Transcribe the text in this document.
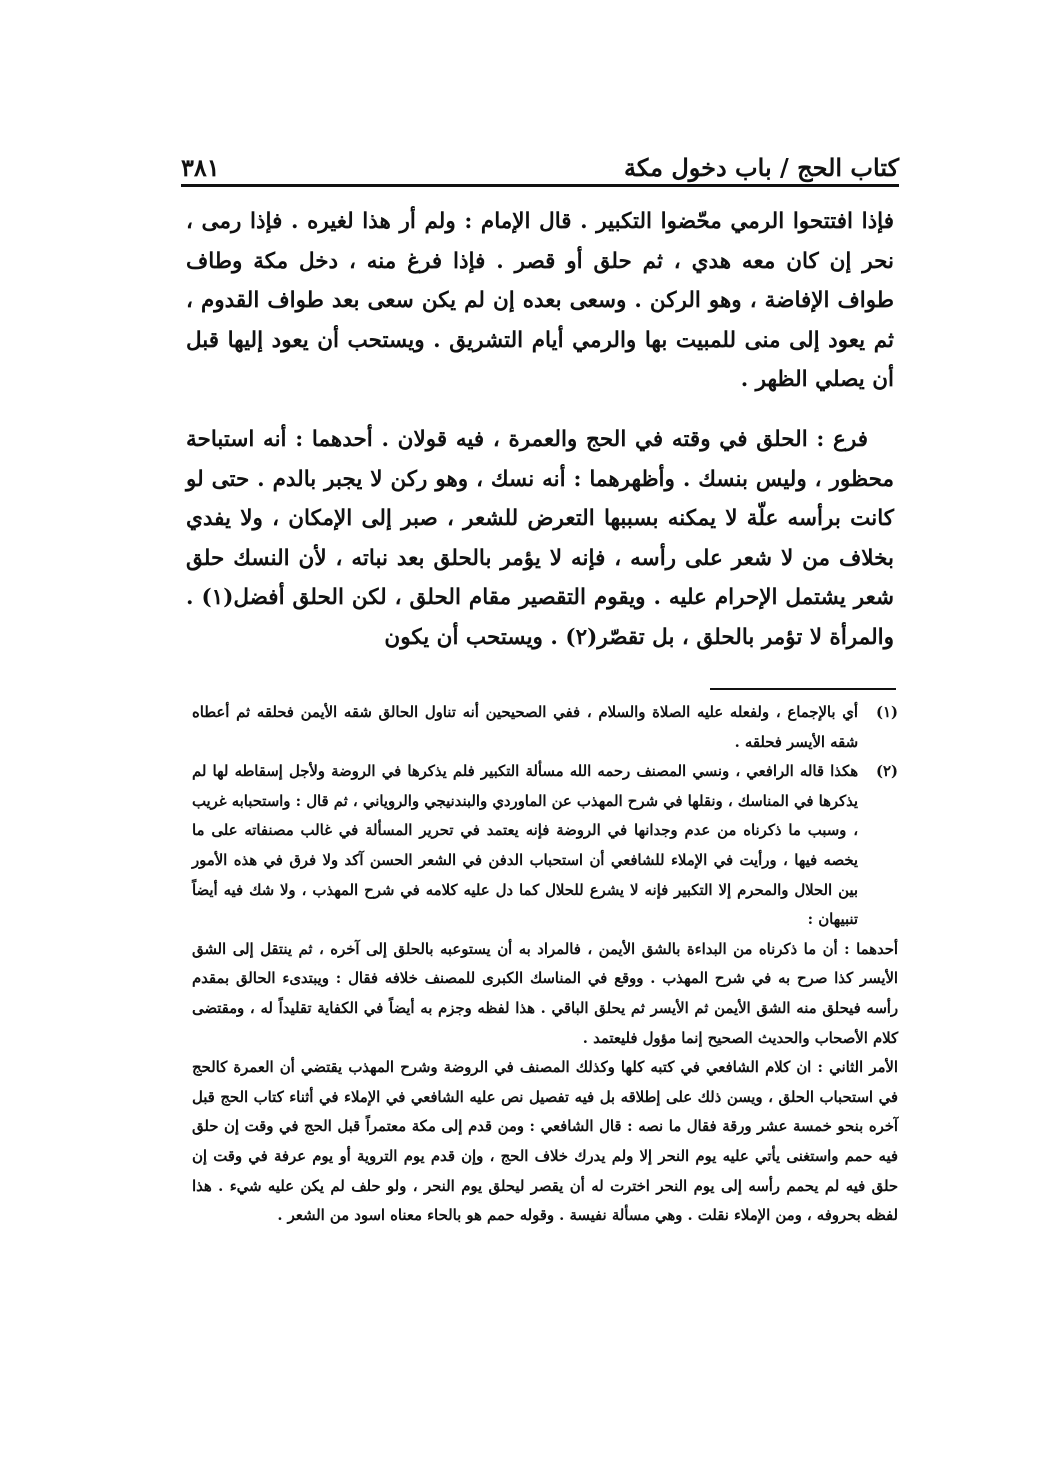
كتاب الحج / باب دخول مكة
٣٨١

فإذا افتتحوا الرمي محّضوا التكبير . قال الإمام : ولم أر هذا لغيره . فإذا رمى ، نحر إن كان معه هدي ، ثم حلق أو قصر . فإذا فرغ منه ، دخل مكة وطاف طواف الإفاضة ، وهو الركن . وسعى بعده إن لم يكن سعى بعد طواف القدوم ، ثم يعود إلى منى للمبيت بها والرمي أيام التشريق . ويستحب أن يعود إليها قبل أن يصلي الظهر .

فرع : الحلق في وقته في الحج والعمرة ، فيه قولان . أحدهما : أنه استباحة محظور ، وليس بنسك . وأظهرهما : أنه نسك ، وهو ركن لا يجبر بالدم . حتى لو كانت برأسه علّة لا يمكنه بسببها التعرض للشعر ، صبر إلى الإمكان ، ولا يفدي بخلاف من لا شعر على رأسه ، فإنه لا يؤمر بالحلق بعد نباته ، لأن النسك حلق شعر يشتمل الإحرام عليه . ويقوم التقصير مقام الحلق ، لكن الحلق أفضل(١) . والمرأة لا تؤمر بالحلق ، بل تقصّر(٢) . ويستحب أن يكون

(١)
أي بالإجماع ، ولفعله عليه الصلاة والسلام ، ففي الصحيحين أنه تناول الحالق شقه الأيمن فحلقه ثم أعطاه شقه الأيسر فحلقه .
(٢)
هكذا قاله الرافعي ، ونسي المصنف رحمه الله مسألة التكبير فلم يذكرها في الروضة ولأجل إسقاطه لها لم يذكرها في المناسك ، ونقلها في شرح المهذب عن الماوردي والبندنيجي والروياني ، ثم قال : واستحبابه غريب ، وسبب ما ذكرناه من عدم وجدانها في الروضة فإنه يعتمد في تحرير المسألة في غالب مصنفاته على ما يخصه فيها ، ورأيت في الإملاء للشافعي أن استحباب الدفن في الشعر الحسن آكد ولا فرق في هذه الأمور بين الحلال والمحرم إلا التكبير فإنه لا يشرع للحلال كما دل عليه كلامه في شرح المهذب ، ولا شك فيه أيضاً تنبيهان :

أحدهما : أن ما ذكرناه من البداءة بالشق الأيمن ، فالمراد به أن يستوعبه بالحلق إلى آخره ، ثم ينتقل إلى الشق الأيسر كذا صرح به في شرح المهذب . ووقع في المناسك الكبرى للمصنف خلافه فقال : ويبتدىء الحالق بمقدم رأسه فيحلق منه الشق الأيمن ثم الأيسر ثم يحلق الباقي . هذا لفظه وجزم به أيضاً في الكفاية تقليداً له ، ومقتضى كلام الأصحاب والحديث الصحيح إنما مؤول فليعتمد .

الأمر الثاني : ان كلام الشافعي في كتبه كلها وكذلك المصنف في الروضة وشرح المهذب يقتضي أن العمرة كالحج في استحباب الحلق ، ويسن ذلك على إطلاقه بل فيه تفصيل نص عليه الشافعي في الإملاء في أثناء كتاب الحج قبل آخره بنحو خمسة عشر ورقة فقال ما نصه : قال الشافعي : ومن قدم إلى مكة معتمراً قبل الحج في وقت إن حلق فيه حمم واستغنى يأتي عليه يوم النحر إلا ولم يدرك خلاف الحج ، وإن قدم يوم التروية أو يوم عرفة في وقت إن حلق فيه لم يحمم رأسه إلى يوم النحر اخترت له أن يقصر ليحلق يوم النحر ، ولو حلف لم يكن عليه شيء . هذا لفظه بحروفه ، ومن الإملاء نقلت . وهي مسألة نفيسة . وقوله حمم هو بالحاء معناه اسود من الشعر .
